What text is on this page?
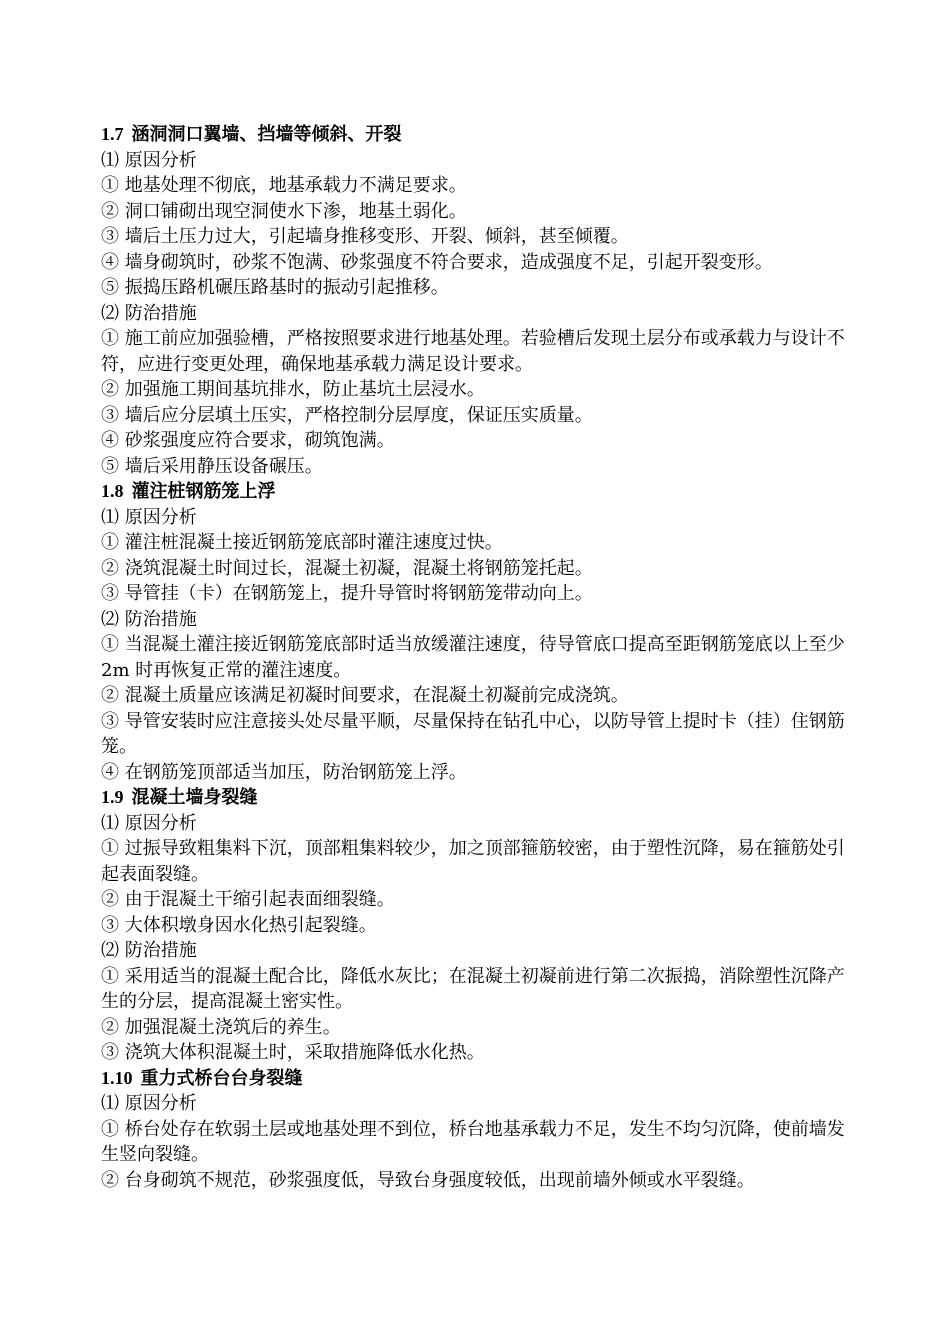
1.7 涵洞洞口翼墙、挡墙等倾斜、开裂

⑴ 原因分析

① 地基处理不彻底，地基承载力不满足要求。

② 洞口铺砌出现空洞使水下渗，地基土弱化。

③ 墙后土压力过大，引起墙身推移变形、开裂、倾斜，甚至倾覆。

④ 墙身砌筑时，砂浆不饱满、砂浆强度不符合要求，造成强度不足，引起开裂变形。

⑤ 振捣压路机碾压路基时的振动引起推移。

⑵ 防治措施

① 施工前应加强验槽，严格按照要求进行地基处理。若验槽后发现土层分布或承载力与设计不符，应进行变更处理，确保地基承载力满足设计要求。

② 加强施工期间基坑排水，防止基坑土层浸水。

③ 墙后应分层填土压实，严格控制分层厚度，保证压实质量。

④ 砂浆强度应符合要求，砌筑饱满。

⑤ 墙后采用静压设备碾压。

1.8 灌注桩钢筋笼上浮

⑴ 原因分析

① 灌注桩混凝土接近钢筋笼底部时灌注速度过快。

② 浇筑混凝土时间过长，混凝土初凝，混凝土将钢筋笼托起。

③ 导管挂（卡）在钢筋笼上，提升导管时将钢筋笼带动向上。

⑵ 防治措施

① 当混凝土灌注接近钢筋笼底部时适当放缓灌注速度，待导管底口提高至距钢筋笼底以上至少 2m 时再恢复正常的灌注速度。

② 混凝土质量应该满足初凝时间要求，在混凝土初凝前完成浇筑。

③ 导管安装时应注意接头处尽量平顺，尽量保持在钻孔中心，以防导管上提时卡（挂）住钢筋笼。

④ 在钢筋笼顶部适当加压，防治钢筋笼上浮。

1.9 混凝土墙身裂缝

⑴ 原因分析

① 过振导致粗集料下沉，顶部粗集料较少，加之顶部箍筋较密，由于塑性沉降，易在箍筋处引起表面裂缝。

② 由于混凝土干缩引起表面细裂缝。

③ 大体积墩身因水化热引起裂缝。

⑵ 防治措施

① 采用适当的混凝土配合比，降低水灰比；在混凝土初凝前进行第二次振捣，消除塑性沉降产生的分层，提高混凝土密实性。

② 加强混凝土浇筑后的养生。

③ 浇筑大体积混凝土时，采取措施降低水化热。

1.10 重力式桥台台身裂缝

⑴ 原因分析

① 桥台处存在软弱土层或地基处理不到位，桥台地基承载力不足，发生不均匀沉降，使前墙发生竖向裂缝。

② 台身砌筑不规范，砂浆强度低，导致台身强度较低，出现前墙外倾或水平裂缝。
